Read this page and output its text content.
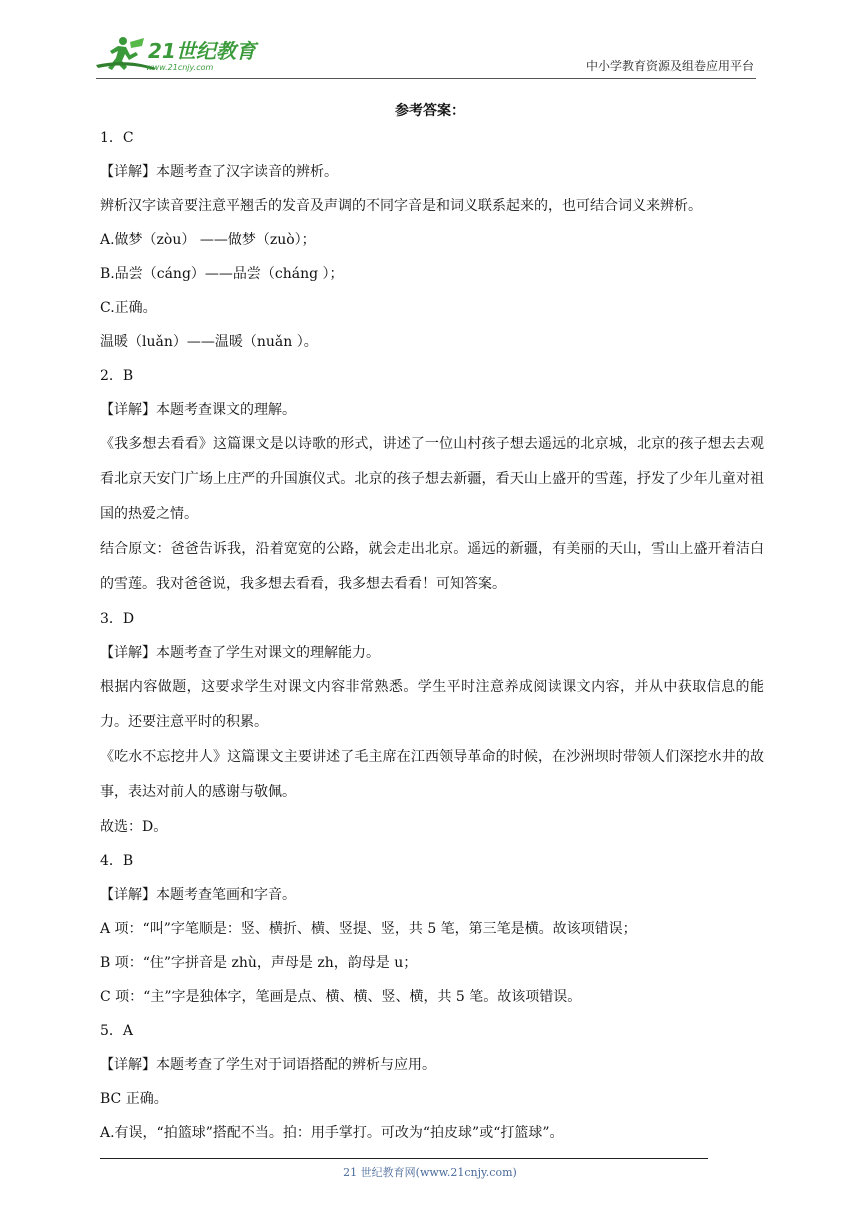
21世纪教育
www.21cnjy.com	中小学教育资源及组卷应用平台
参考答案：
1．C
【详解】本题考查了汉字读音的辨析。
辨析汉字读音要注意平翘舌的发音及声调的不同字音是和词义联系起来的，也可结合词义来辨析。
A.做梦（zòu） ——做梦（zuò）；
B.品尝（cáng）——品尝（cháng ）；
C.正确。
温暖（luǎn）——温暖（nuǎn ）。
2．B
【详解】本题考查课文的理解。
《我多想去看看》这篇课文是以诗歌的形式，讲述了一位山村孩子想去遥远的北京城，北京的孩子想去去观看北京天安门广场上庄严的升国旗仪式。北京的孩子想去新疆，看天山上盛开的雪莲，抒发了少年儿童对祖国的热爱之情。
结合原文：爸爸告诉我，沿着宽宽的公路，就会走出北京。遥远的新疆，有美丽的天山，雪山上盛开着洁白的雪莲。我对爸爸说，我多想去看看，我多想去看看！可知答案。
3．D
【详解】本题考查了学生对课文的理解能力。
根据内容做题，这要求学生对课文内容非常熟悉。学生平时注意养成阅读课文内容，并从中获取信息的能力。还要注意平时的积累。
《吃水不忘挖井人》这篇课文主要讲述了毛主席在江西领导革命的时候，在沙洲坝时带领人们深挖水井的故事，表达对前人的感谢与敬佩。
故选：D。
4．B
【详解】本题考查笔画和字音。
A 项：“叫”字笔顺是：竖、横折、横、竖提、竖，共 5 笔，第三笔是横。故该项错误；
B 项：“住”字拼音是 zhù，声母是 zh，韵母是 u；
C 项：“主”字是独体字，笔画是点、横、横、竖、横，共 5 笔。故该项错误。
5．A
【详解】本题考查了学生对于词语搭配的辨析与应用。
BC 正确。
A.有误，“拍篮球”搭配不当。拍：用手掌打。可改为“拍皮球”或“打篮球”。
21 世纪教育网(www.21cnjy.com)
